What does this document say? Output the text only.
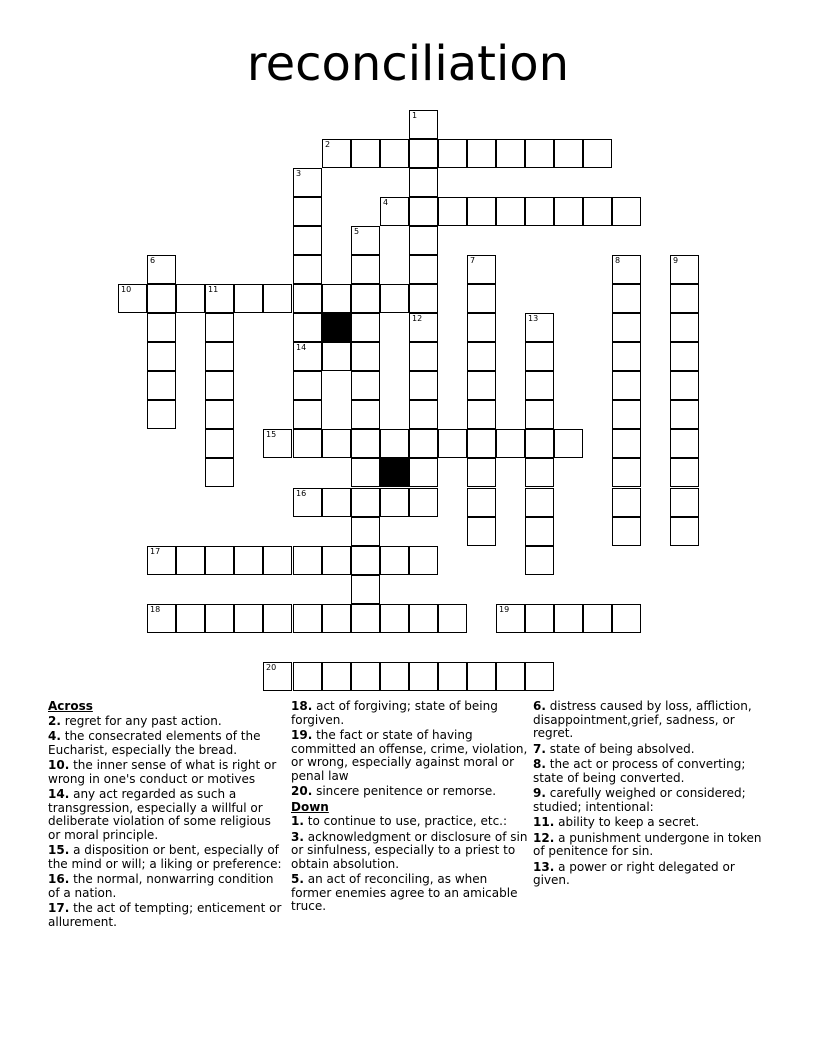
reconciliation
1
2
3
4
5
6	7	8	9
10	11
12	13
14
15
16
17
18	19
20
Across
2. regret for any past action.
4. the consecrated elements of the Eucharist, especially the bread.
10. the inner sense of what is right or wrong in one's conduct or motives
14. any act regarded as such a transgression, especially a willful or deliberate violation of some religious or moral principle.
15. a disposition or bent, especially of the mind or will; a liking or preference:
16. the normal, nonwarring condition of a nation.
17. the act of tempting; enticement or allurement.
18. act of forgiving; state of being forgiven.
19. the fact or state of having committed an offense, crime, violation, or wrong, especially against moral or penal law
20. sincere penitence or remorse.
Down
1. to continue to use, practice, etc.:
3. acknowledgment or disclosure of sin or sinfulness, especially to a priest to obtain absolution.
5. an act of reconciling, as when former enemies agree to an amicable truce.
6. distress caused by loss, affliction, disappointment,grief, sadness, or regret.
7. state of being absolved.
8. the act or process of converting; state of being converted.
9. carefully weighed or considered; studied; intentional:
11. ability to keep a secret.
12. a punishment undergone in token of penitence for sin.
13. a power or right delegated or given.
